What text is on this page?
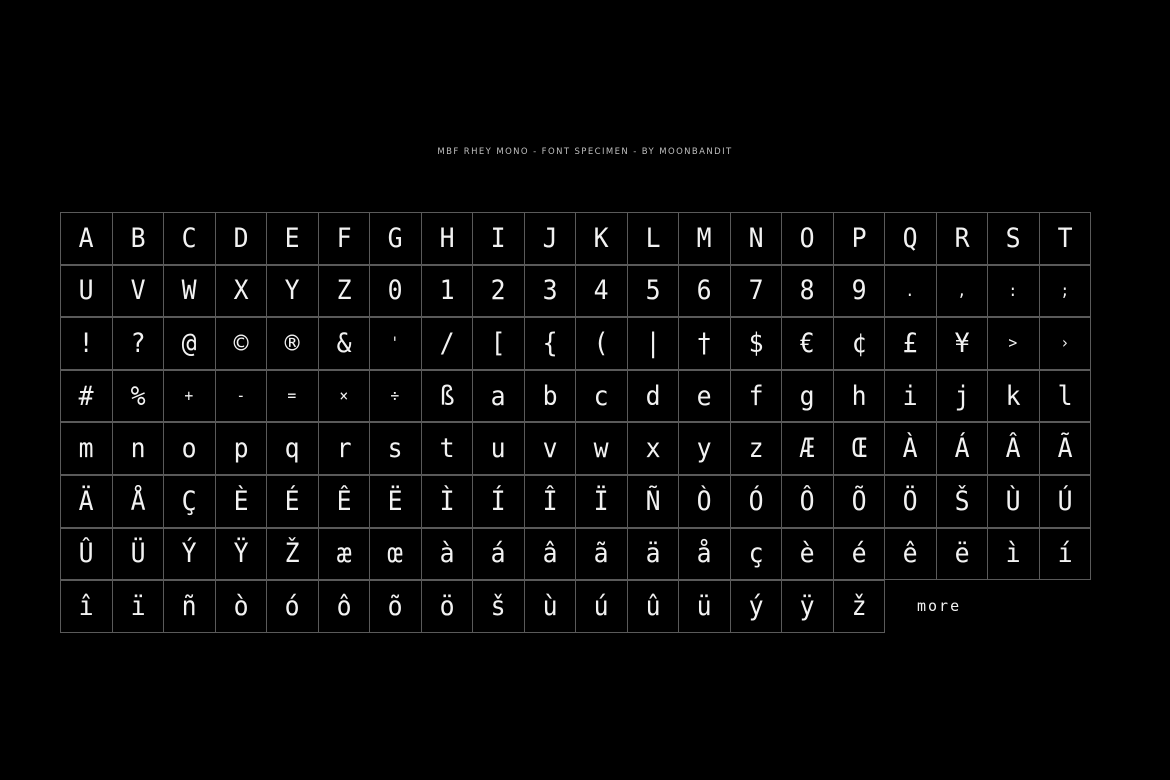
MBF RHEY MONO - FONT SPECIMEN - BY MOONBANDIT
A B C D E F G H I J K L M N O P Q R S T
U V W X Y Z 0 1 2 3 4 5 6 7 8 9 .	,	:	;
! ? @ © ® & ' / [ { ( | † $ € ¢ £ ¥ >	›
# % +	-	=	×	÷ ß a b c d e f g h i j k l
m n o p q r s t u v w x y z Æ Œ À Á Â Ã
Ä Å Ç È É Ê Ë Ì Í Î Ï Ñ Ò Ó Ô Õ Ö Š Ù Ú
Û Ü Ý Ÿ Ž æ œ à á â ã ä å ç è é ê ë ì í
î ï ñ ò ó ô õ ö š ù ú û ü ý ÿ ž	more
